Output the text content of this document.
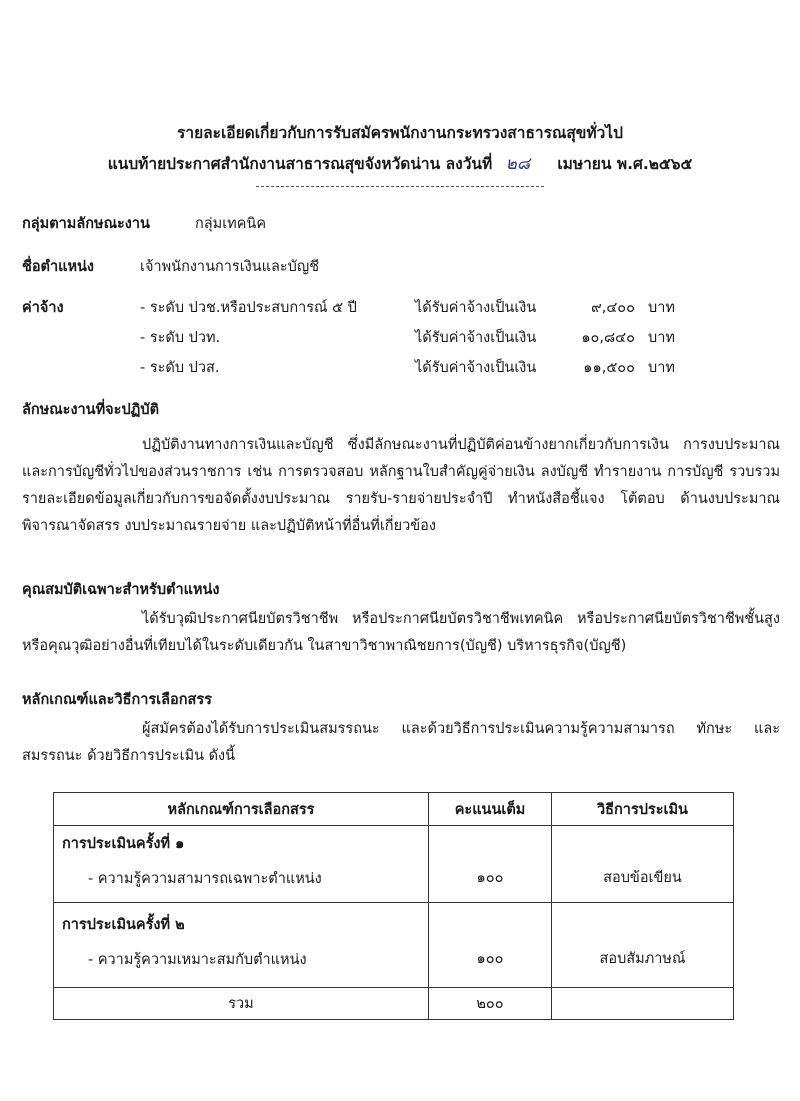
รายละเอียดเกี่ยวกับการรับสมัครพนักงานกระทรวงสาธารณสุขทั่วไป
แนบท้ายประกาศสำนักงานสาธารณสุขจังหวัดน่าน ลงวันที่ ๒๘ เมษายน พ.ศ.๒๕๖๕
กลุ่มตามลักษณะงาน	กลุ่มเทคนิค
ชื่อตำแหน่ง	เจ้าพนักงานการเงินและบัญชี
ค่าจ้าง	- ระดับ ปวช.หรือประสบการณ์ ๕ ปี	ได้รับค่าจ้างเป็นเงิน	๙,๔๐๐ บาท
- ระดับ ปวท.	ได้รับค่าจ้างเป็นเงิน	๑๐,๘๔๐ บาท
- ระดับ ปวส.	ได้รับค่าจ้างเป็นเงิน	๑๑,๕๐๐ บาท
ลักษณะงานที่จะปฏิบัติ
ปฏิบัติงานทางการเงินและบัญชี ซึ่งมีลักษณะงานที่ปฏิบัติค่อนข้างยากเกี่ยวกับการเงิน การงบประมาณและการบัญชีทั่วไปของส่วนราชการ เช่น การตรวจสอบ หลักฐานใบสำคัญคู่จ่ายเงิน ลงบัญชี ทำรายงาน การบัญชี รวบรวมรายละเอียดข้อมูลเกี่ยวกับการขอจัดตั้งงบประมาณ รายรับ-รายจ่ายประจำปี ทำหนังสือชี้แจง โต้ตอบ ด้านงบประมาณ พิจารณาจัดสรร งบประมาณรายจ่าย และปฏิบัติหน้าที่อื่นที่เกี่ยวข้อง
คุณสมบัติเฉพาะสำหรับตำแหน่ง
ได้รับวุฒิประกาศนียบัตรวิชาชีพ หรือประกาศนียบัตรวิชาชีพเทคนิค หรือประกาศนียบัตรวิชาชีพชั้นสูง หรือคุณวุฒิอย่างอื่นที่เทียบได้ในระดับเดียวกัน ในสาขาวิชาพาณิชยการ(บัญชี) บริหารธุรกิจ(บัญชี)
หลักเกณฑ์และวิธีการเลือกสรร
ผู้สมัครต้องได้รับการประเมินสมรรถนะ และด้วยวิธีการประเมินความรู้ความสามารถ ทักษะ และสมรรถนะ ด้วยวิธีการประเมิน ดังนี้
หลักเกณฑ์การเลือกสรร	คะแนนเต็ม	วิธีการประเมิน

การประเมินครั้งที่ ๑
- ความรู้ความสามารถเฉพาะตำแหน่ง	๑๐๐	สอบข้อเขียน

การประเมินครั้งที่ ๒
- ความรู้ความเหมาะสมกับตำแหน่ง	๑๐๐	สอบสัมภาษณ์
รวม	๒๐๐	
